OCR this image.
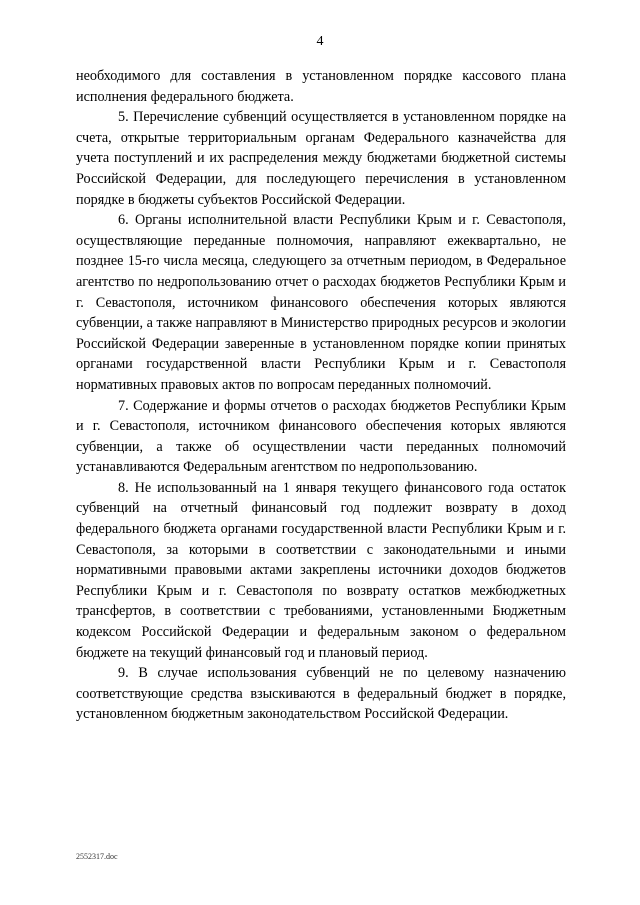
4

необходимого для составления в установленном порядке кассового плана исполнения федерального бюджета.

5. Перечисление субвенций осуществляется в установленном порядке на счета, открытые территориальным органам Федерального казначейства для учета поступлений и их распределения между бюджетами бюджетной системы Российской Федерации, для последующего перечисления в установленном порядке в бюджеты субъектов Российской Федерации.

6. Органы исполнительной власти Республики Крым и г. Севастополя, осуществляющие переданные полномочия, направляют ежеквартально, не позднее 15-го числа месяца, следующего за отчетным периодом, в Федеральное агентство по недропользованию отчет о расходах бюджетов Республики Крым и г. Севастополя, источником финансового обеспечения которых являются субвенции, а также направляют в Министерство природных ресурсов и экологии Российской Федерации заверенные в установленном порядке копии принятых органами государственной власти Республики Крым и г. Севастополя нормативных правовых актов по вопросам переданных полномочий.

7. Содержание и формы отчетов о расходах бюджетов Республики Крым и г. Севастополя, источником финансового обеспечения которых являются субвенции, а также об осуществлении части переданных полномочий устанавливаются Федеральным агентством по недропользованию.

8. Не использованный на 1 января текущего финансового года остаток субвенций на отчетный финансовый год подлежит возврату в доход федерального бюджета органами государственной власти Республики Крым и г. Севастополя, за которыми в соответствии с законодательными и иными нормативными правовыми актами закреплены источники доходов бюджетов Республики Крым и г. Севастополя по возврату остатков межбюджетных трансфертов, в соответствии с требованиями, установленными Бюджетным кодексом Российской Федерации и федеральным законом о федеральном бюджете на текущий финансовый год и плановый период.

9. В случае использования субвенций не по целевому назначению соответствующие средства взыскиваются в федеральный бюджет в порядке, установленном бюджетным законодательством Российской Федерации.

2552317.doc
